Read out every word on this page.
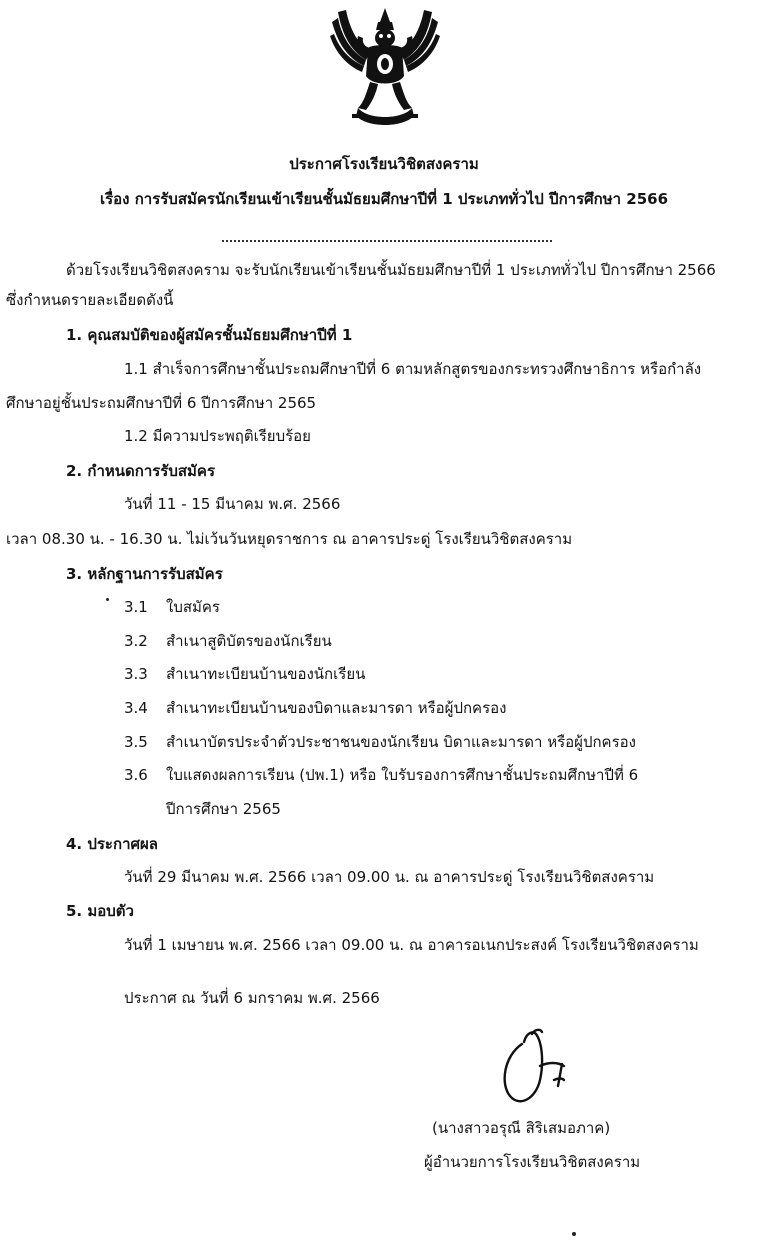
ประกาศโรงเรียนวิชิตสงคราม
เรื่อง การรับสมัครนักเรียนเข้าเรียนชั้นมัธยมศึกษาปีที่ 1 ประเภททั่วไป ปีการศึกษา 2566
ด้วยโรงเรียนวิชิตสงคราม จะรับนักเรียนเข้าเรียนชั้นมัธยมศึกษาปีที่ 1 ประเภททั่วไป ปีการศึกษา 2566
ซึ่งกำหนดรายละเอียดดังนี้
1. คุณสมบัติของผู้สมัครชั้นมัธยมศึกษาปีที่ 1
1.1 สำเร็จการศึกษาชั้นประถมศึกษาปีที่ 6 ตามหลักสูตรของกระทรวงศึกษาธิการ หรือกำลัง
ศึกษาอยู่ชั้นประถมศึกษาปีที่ 6 ปีการศึกษา 2565
1.2 มีความประพฤติเรียบร้อย
2. กำหนดการรับสมัคร
วันที่ 11 - 15 มีนาคม พ.ศ. 2566
เวลา 08.30 น. - 16.30 น. ไม่เว้นวันหยุดราชการ ณ อาคารประดู่ โรงเรียนวิชิตสงคราม
3. หลักฐานการรับสมัคร
3.1 ใบสมัคร
3.2 สำเนาสูติบัตรของนักเรียน
3.3 สำเนาทะเบียนบ้านของนักเรียน
3.4 สำเนาทะเบียนบ้านของบิดาและมารดา หรือผู้ปกครอง
3.5 สำเนาบัตรประจำตัวประชาชนของนักเรียน บิดาและมารดา หรือผู้ปกครอง
3.6 ใบแสดงผลการเรียน (ปพ.1) หรือ ใบรับรองการศึกษาชั้นประถมศึกษาปีที่ 6
ปีการศึกษา 2565
4. ประกาศผล
วันที่ 29 มีนาคม พ.ศ. 2566 เวลา 09.00 น. ณ อาคารประดู่ โรงเรียนวิชิตสงคราม
5. มอบตัว
วันที่ 1 เมษายน พ.ศ. 2566 เวลา 09.00 น. ณ อาคารอเนกประสงค์ โรงเรียนวิชิตสงคราม
ประกาศ ณ วันที่ 6 มกราคม พ.ศ. 2566
(นางสาวอรุณี สิริเสมอภาค)
ผู้อำนวยการโรงเรียนวิชิตสงคราม
